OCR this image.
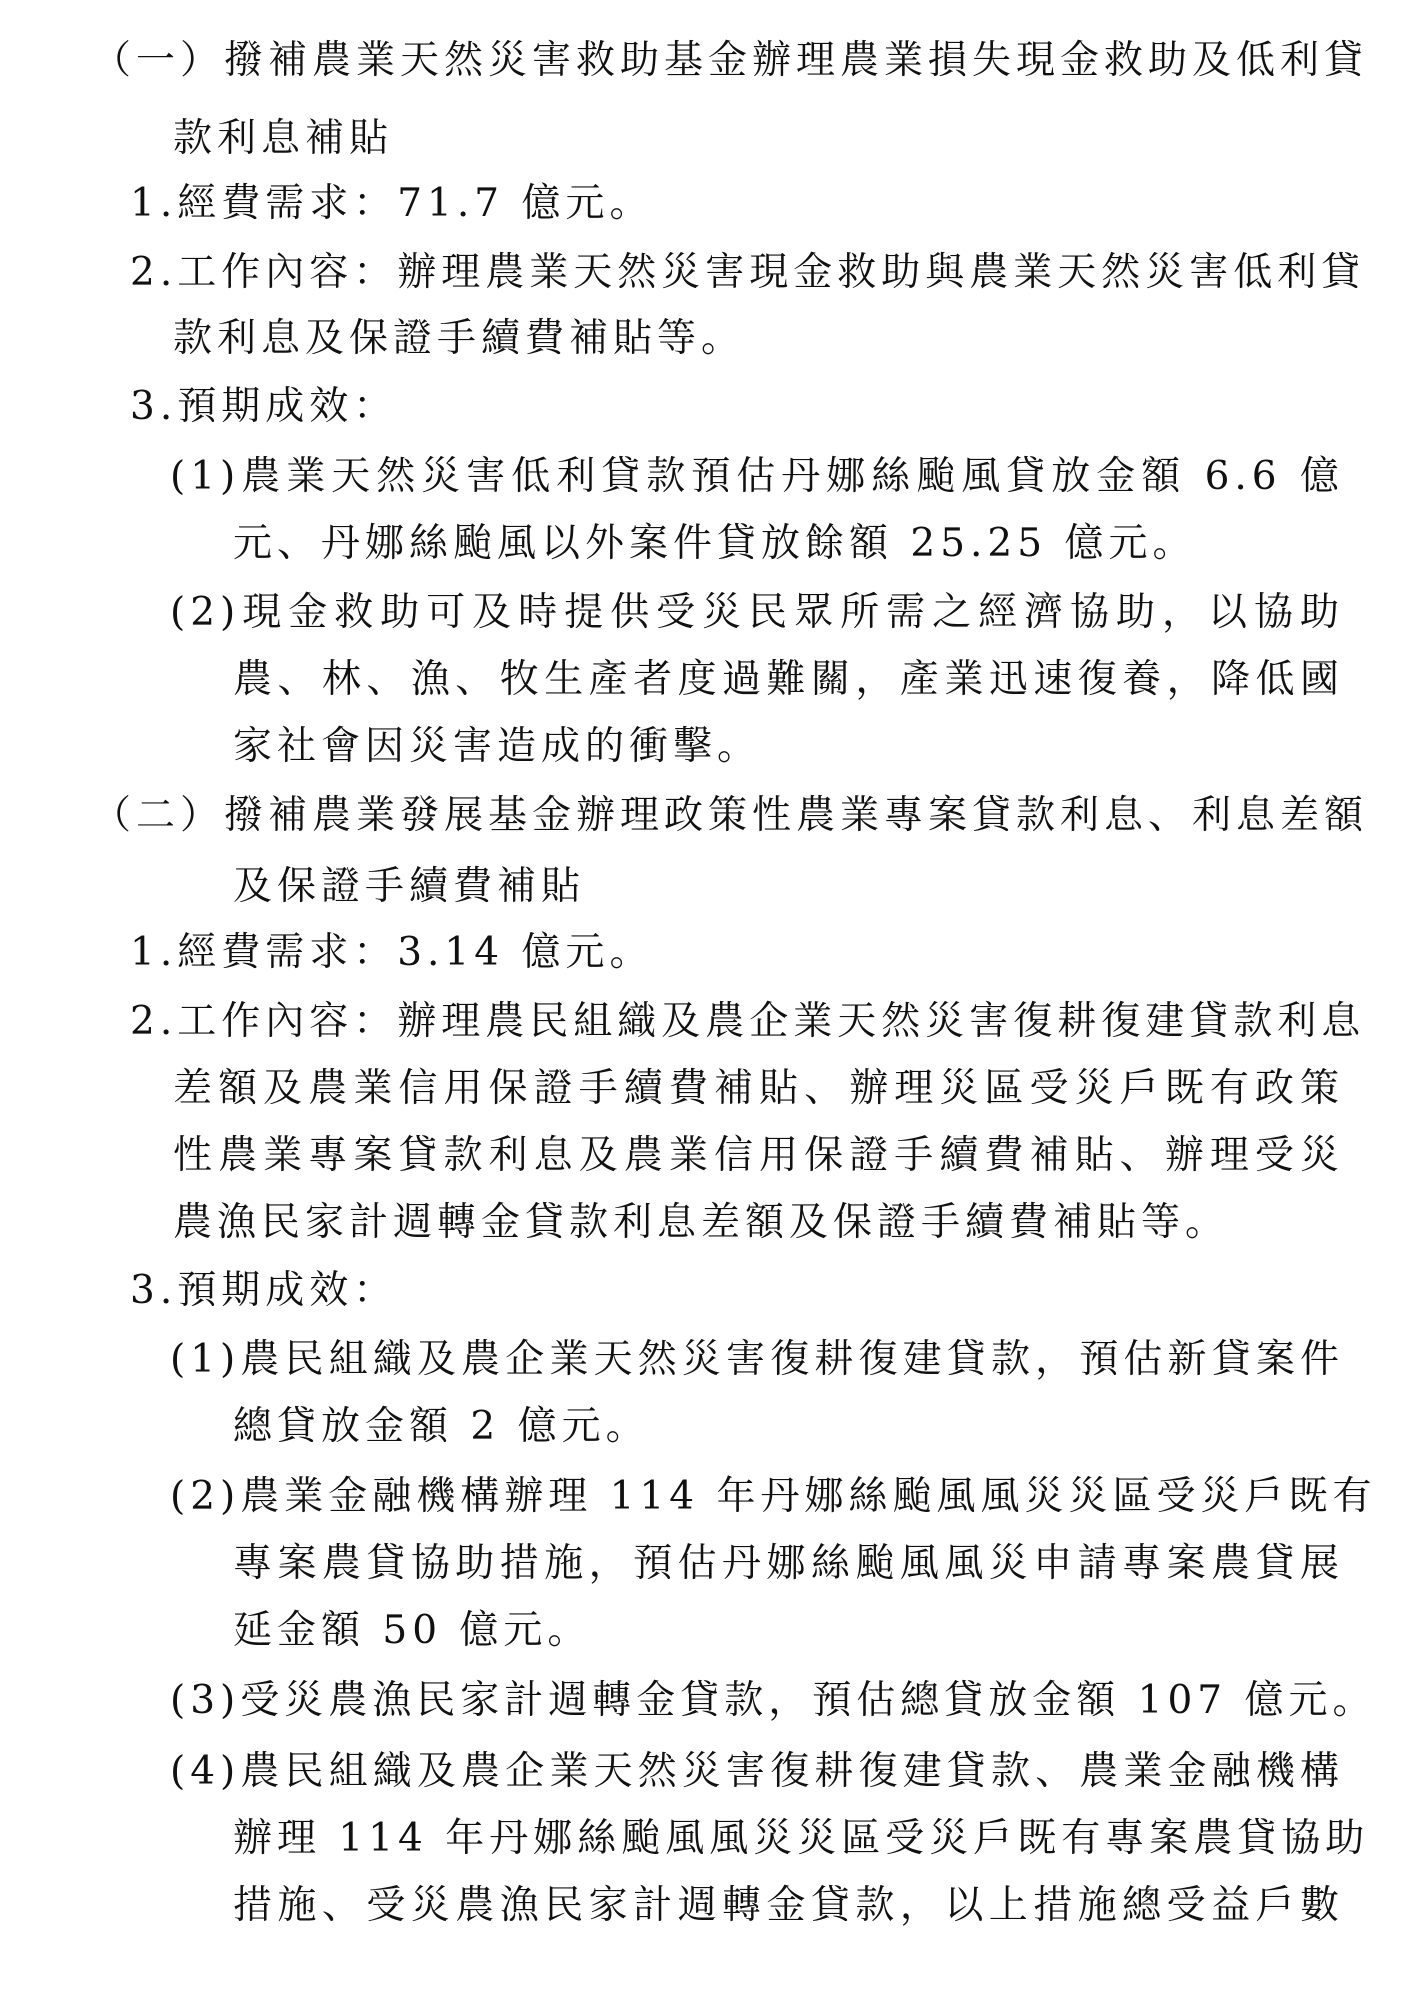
（一）撥補農業天然災害救助基金辦理農業損失現金救助及低利貸
款利息補貼
1.經費需求：71.7 億元。
2.工作內容：辦理農業天然災害現金救助與農業天然災害低利貸
款利息及保證手續費補貼等。
3.預期成效：
(1)農業天然災害低利貸款預估丹娜絲颱風貸放金額 6.6 億
元、丹娜絲颱風以外案件貸放餘額 25.25 億元。
(2)現金救助可及時提供受災民眾所需之經濟協助，以協助
農、林、漁、牧生產者度過難關，產業迅速復養，降低國
家社會因災害造成的衝擊。
（二）撥補農業發展基金辦理政策性農業專案貸款利息、利息差額
及保證手續費補貼
1.經費需求：3.14 億元。
2.工作內容：辦理農民組織及農企業天然災害復耕復建貸款利息
差額及農業信用保證手續費補貼、辦理災區受災戶既有政策
性農業專案貸款利息及農業信用保證手續費補貼、辦理受災
農漁民家計週轉金貸款利息差額及保證手續費補貼等。
3.預期成效：
(1)農民組織及農企業天然災害復耕復建貸款，預估新貸案件
總貸放金額 2 億元。
(2)農業金融機構辦理 114 年丹娜絲颱風風災災區受災戶既有
專案農貸協助措施，預估丹娜絲颱風風災申請專案農貸展
延金額 50 億元。
(3)受災農漁民家計週轉金貸款，預估總貸放金額 107 億元。
(4)農民組織及農企業天然災害復耕復建貸款、農業金融機構
辦理 114 年丹娜絲颱風風災災區受災戶既有專案農貸協助
措施、受災農漁民家計週轉金貸款，以上措施總受益戶數
